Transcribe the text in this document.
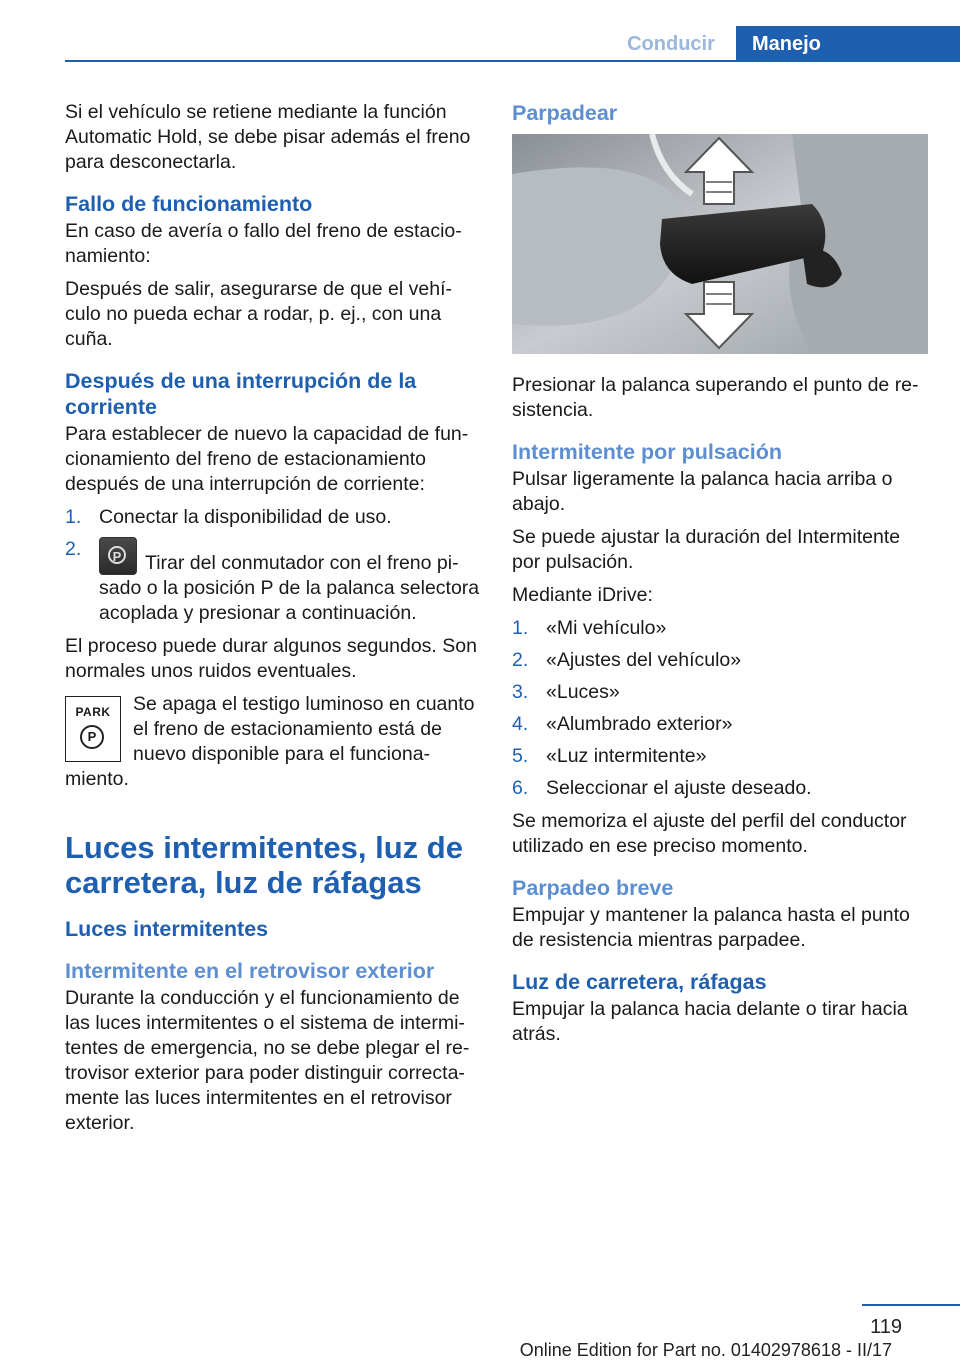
Conducir	Manejo

Si el vehículo se retiene mediante la función Automatic Hold, se debe pisar además el freno para desconectarla.

Fallo de funcionamiento

En caso de avería o fallo del freno de estacio‐namiento:

Después de salir, asegurarse de que el vehí‐culo no pueda echar a rodar, p. ej., con una cuña.

Después de una interrupción de la corriente

Para establecer de nuevo la capacidad de fun‐cionamiento del freno de estacionamiento después de una interrupción de corriente:

1. Conectar la disponibilidad de uso.
2.	P Tirar del conmutador con el freno pi‐sado o la posición P de la palanca selectora acoplada y presionar a continuación.

El proceso puede durar algunos segundos. Son normales unos ruidos eventuales.

PARK
P

Se apaga el testigo luminoso en cuanto el freno de estacionamiento está de nuevo disponible para el funciona‐miento.

Luces intermitentes, luz de carretera, luz de ráfagas
Luces intermitentes
Intermitente en el retrovisor exterior

Durante la conducción y el funcionamiento de las luces intermitentes o el sistema de intermi‐tentes de emergencia, no se debe plegar el re‐trovisor exterior para poder distinguir correcta‐mente las luces intermitentes en el retrovisor exterior.

Parpadear

Presionar la palanca superando el punto de re‐sistencia.

Intermitente por pulsación

Pulsar ligeramente la palanca hacia arriba o abajo.

Se puede ajustar la duración del Intermitente por pulsación.

Mediante iDrive:

1. «Mi vehículo»
2. «Ajustes del vehículo»
3. «Luces»
4. «Alumbrado exterior»
5. «Luz intermitente»
6. Seleccionar el ajuste deseado.

Se memoriza el ajuste del perfil del conductor utilizado en ese preciso momento.

Parpadeo breve

Empujar y mantener la palanca hasta el punto de resistencia mientras parpadee.

Luz de carretera, ráfagas

Empujar la palanca hacia delante o tirar hacia atrás.

119
Online Edition for Part no. 01402978618 - II/17
